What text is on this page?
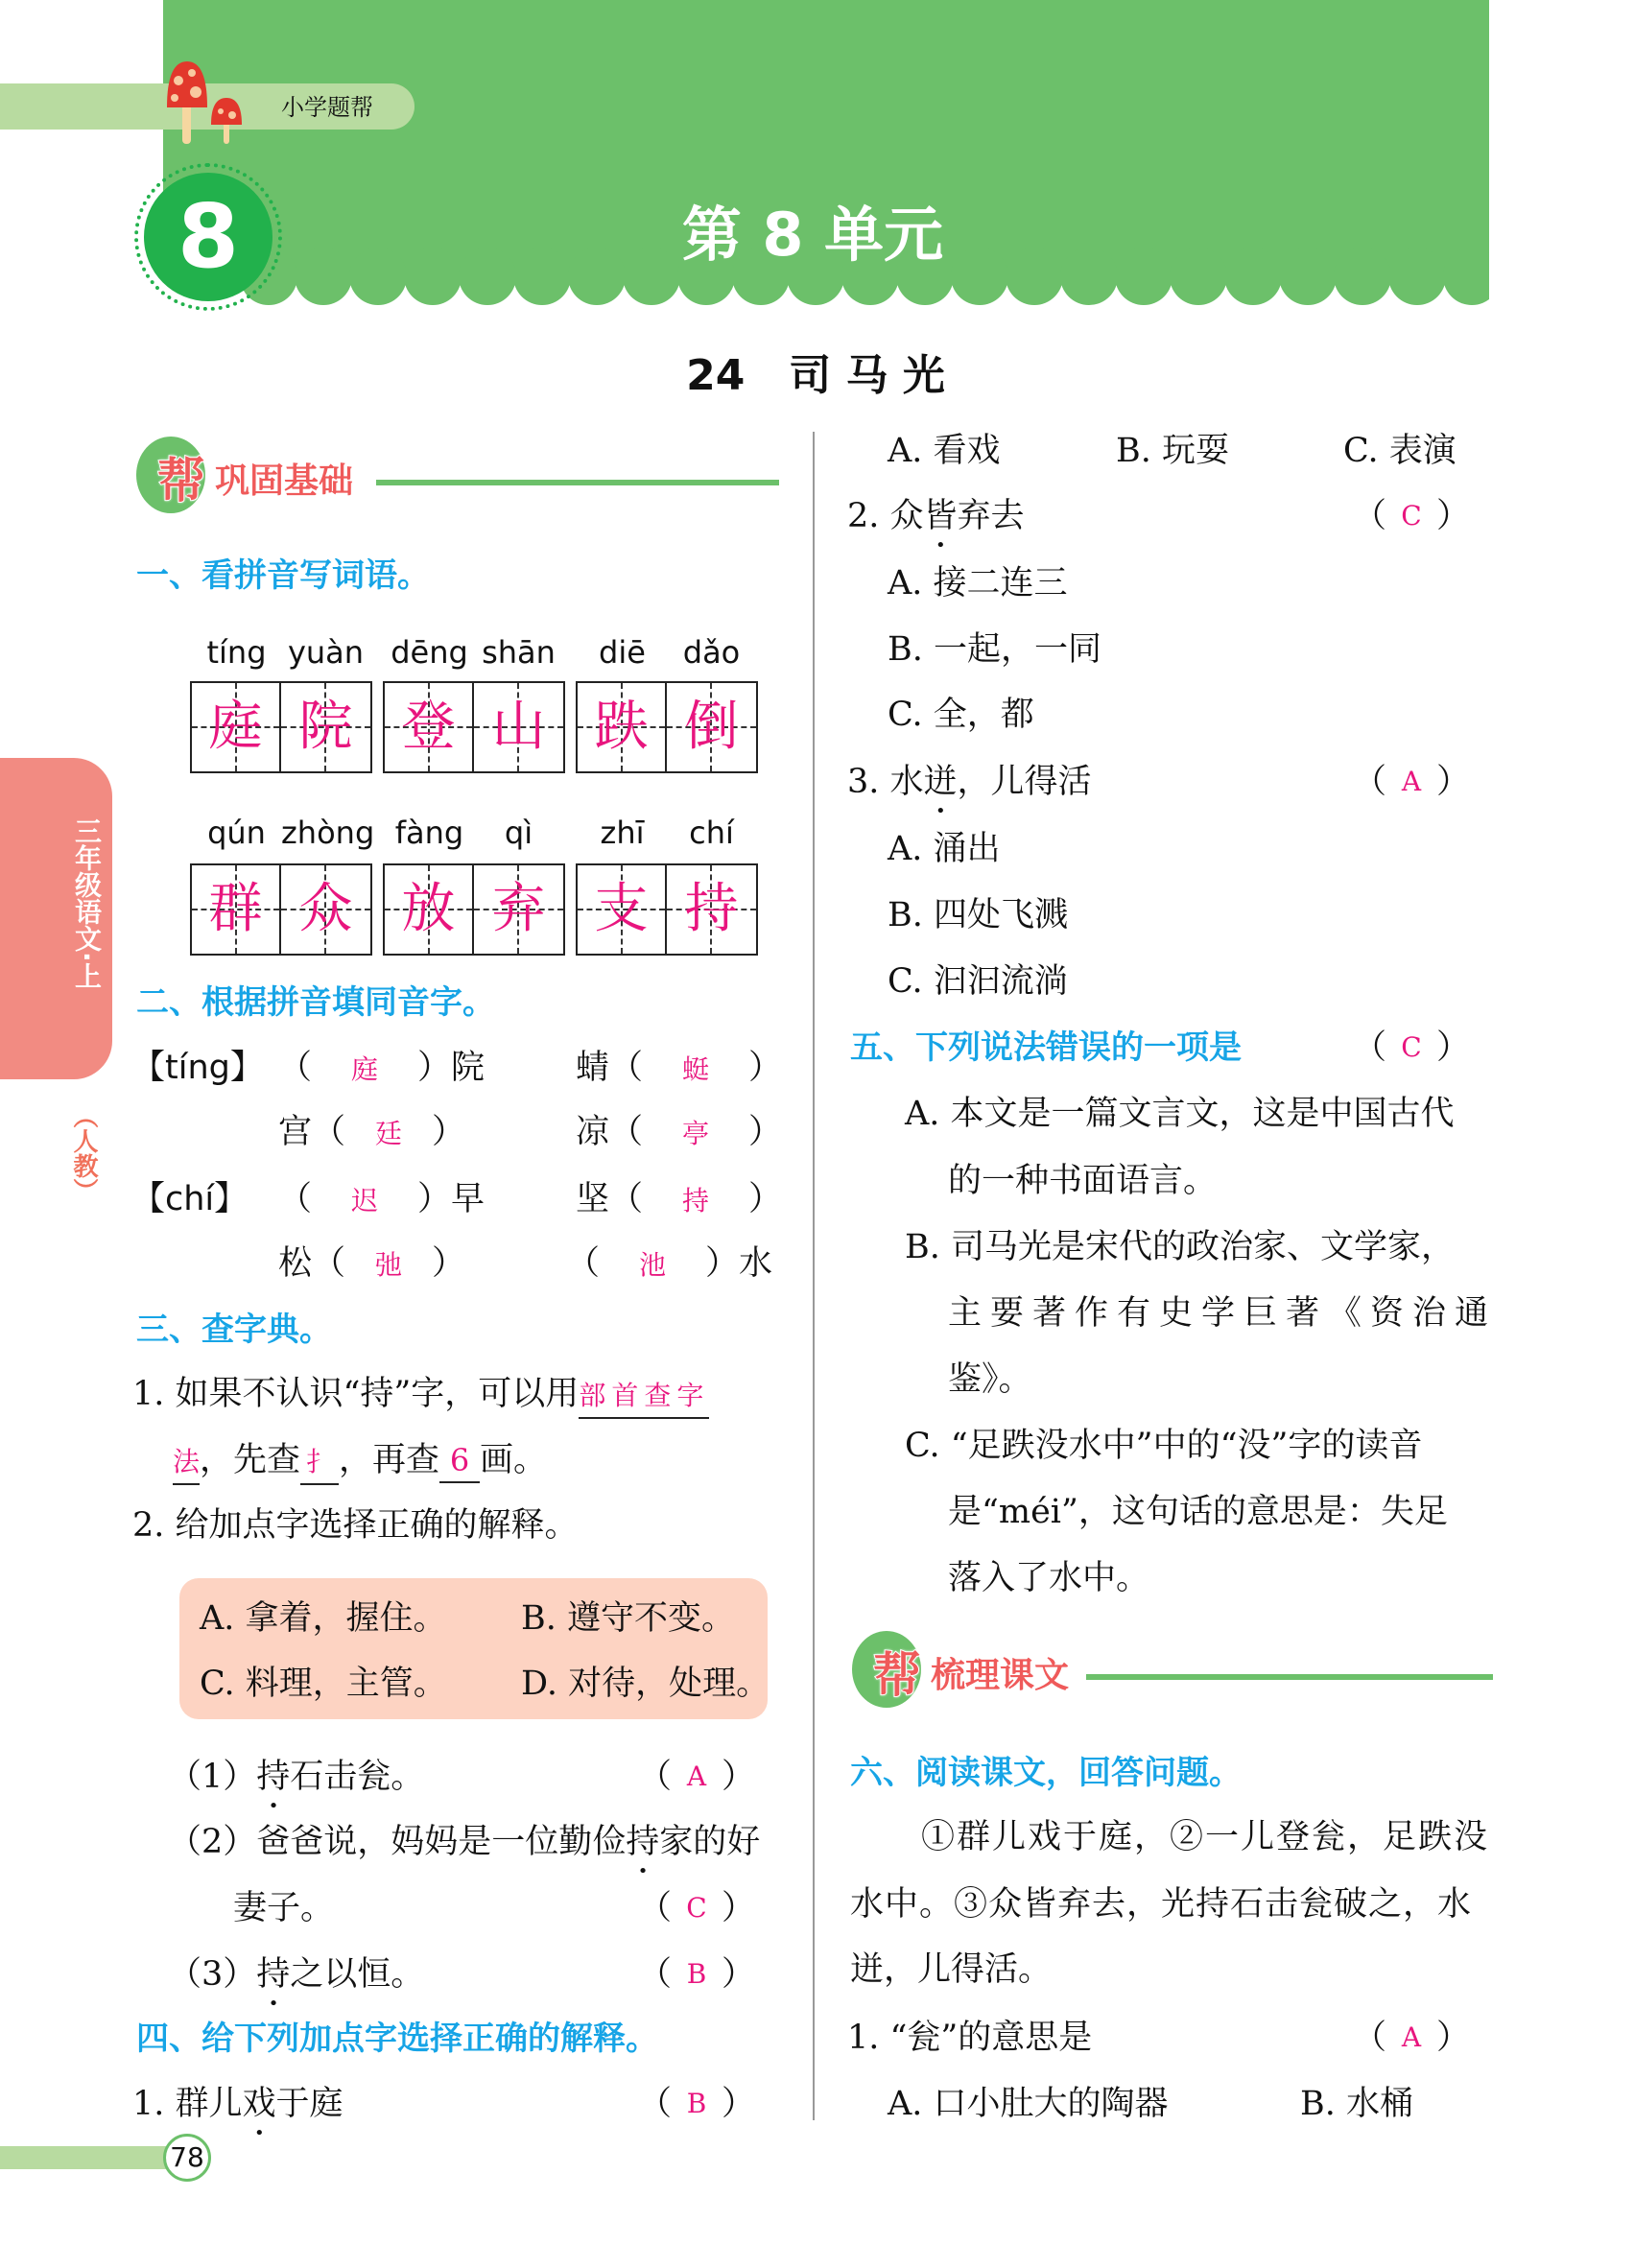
小学题帮
8	第 8 单元
24 司 马 光
三年级语文·上
（人教）
帮 巩固基础
一、看拼音写词语。
tíng yuàn
庭 院
dēng shān
登 山
diē	dǎo
跌 倒
qún zhòng
群 众
fàng	qì
放 弃
zhī	chí
支 持
二、根据拼音填同音字。
【tíng】 （ 庭 ）院	蜻（ 蜓 ）
宫（ 廷 ）	凉（ 亭 ）
【chí】 （ 迟 ）早	坚（ 持 ）
松（ 弛 ）	（ 池 ）水
三、查字典。
1. 如果不认识“持”字，可以用部首查字
法，先查 扌 ，再查 6 画。
2. 给加点字选择正确的解释。
A. 拿着，握住。 B. 遵守不变。
C. 料理，主管。 D. 对待，处理。
（1）持石击瓮。	（ A ）
（2）爸爸说，妈妈是一位勤俭持家的好
妻子。	（ C ）
（3）持之以恒。	（ B ）
四、给下列加点字选择正确的解释。
1. 群儿戏于庭	（ B ）
A. 看戏	B. 玩耍	C. 表演
2. 众皆弃去	（ C ）
A. 接二连三
B. 一起，一同
C. 全，都
3. 水迸，儿得活	（ A ）
A. 涌出
B. 四处飞溅
C. 汩汩流淌
五、下列说法错误的一项是	（ C ）
A. 本文是一篇文言文，这是中国古代
的一种书面语言。
B. 司马光是宋代的政治家、文学家，
主要著作有史学巨著《资治通
鉴》。
C. “足跌没水中”中的“没”字的读音
是“méi”，这句话的意思是：失足
落入了水中。
帮 梳理课文
六、阅读课文，回答问题。
①群儿戏于庭，②一儿登瓮，足跌没
水中。③众皆弃去，光持石击瓮破之，水
迸，儿得活。
1. “瓮”的意思是	（ A ）
A. 口小肚大的陶器	B. 水桶
78
